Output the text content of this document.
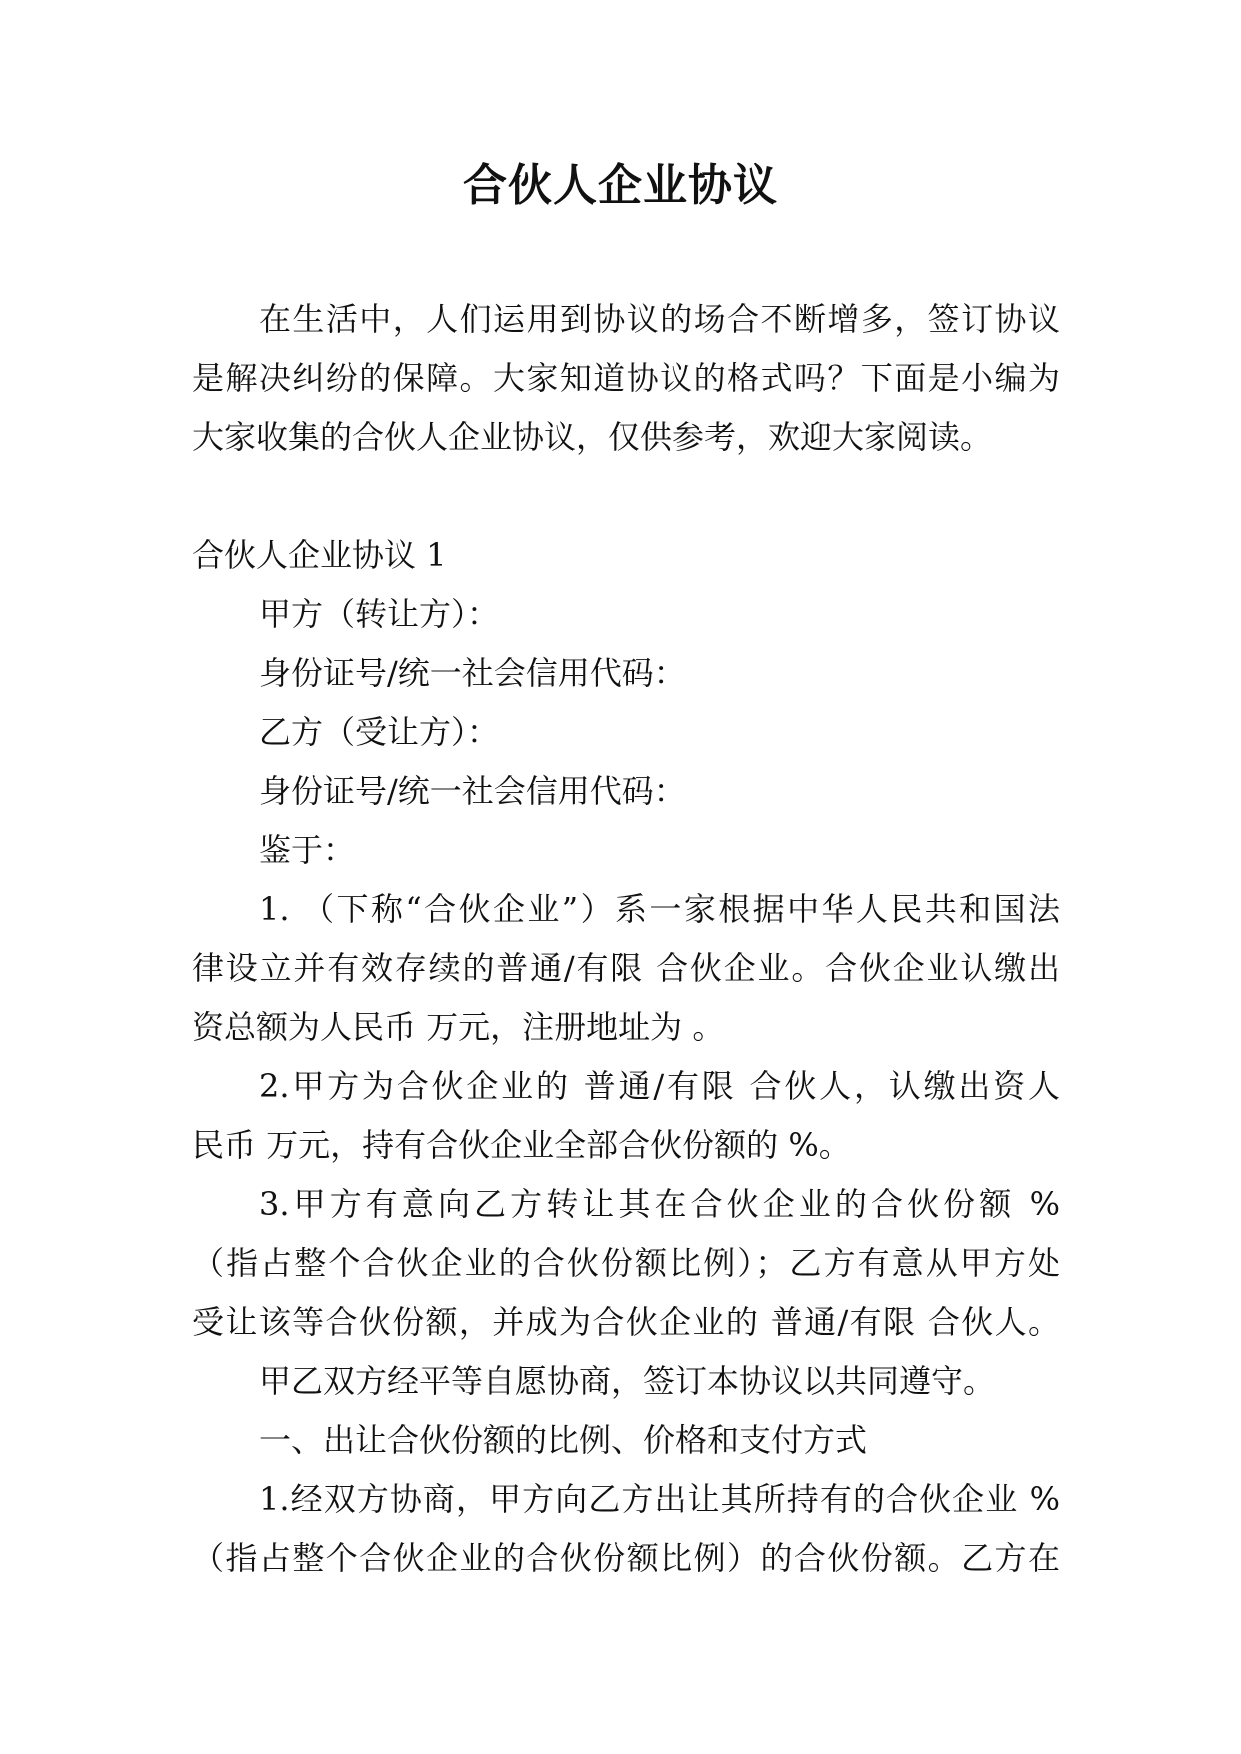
合伙人企业协议
在生活中，人们运用到协议的场合不断增多，签订协议
是解决纠纷的保障。大家知道协议的格式吗？下面是小编为
大家收集的合伙人企业协议，仅供参考，欢迎大家阅读。
合伙人企业协议 1
甲方（转让方）：
身份证号/统一社会信用代码：
乙方（受让方）：
身份证号/统一社会信用代码：
鉴于：
1. （下称“合伙企业”）系一家根据中华人民共和国法
律设立并有效存续的普通/有限 合伙企业。合伙企业认缴出
资总额为人民币 万元，注册地址为 。
2.甲方为合伙企业的 普通/有限 合伙人，认缴出资人
民币 万元，持有合伙企业全部合伙份额的 %。
3.甲方有意向乙方转让其在合伙企业的合伙份额 %
（指占整个合伙企业的合伙份额比例）；乙方有意从甲方处
受让该等合伙份额，并成为合伙企业的 普通/有限 合伙人。
甲乙双方经平等自愿协商，签订本协议以共同遵守。
一、出让合伙份额的比例、价格和支付方式
1.经双方协商，甲方向乙方出让其所持有的合伙企业 %
（指占整个合伙企业的合伙份额比例）的合伙份额。乙方在
